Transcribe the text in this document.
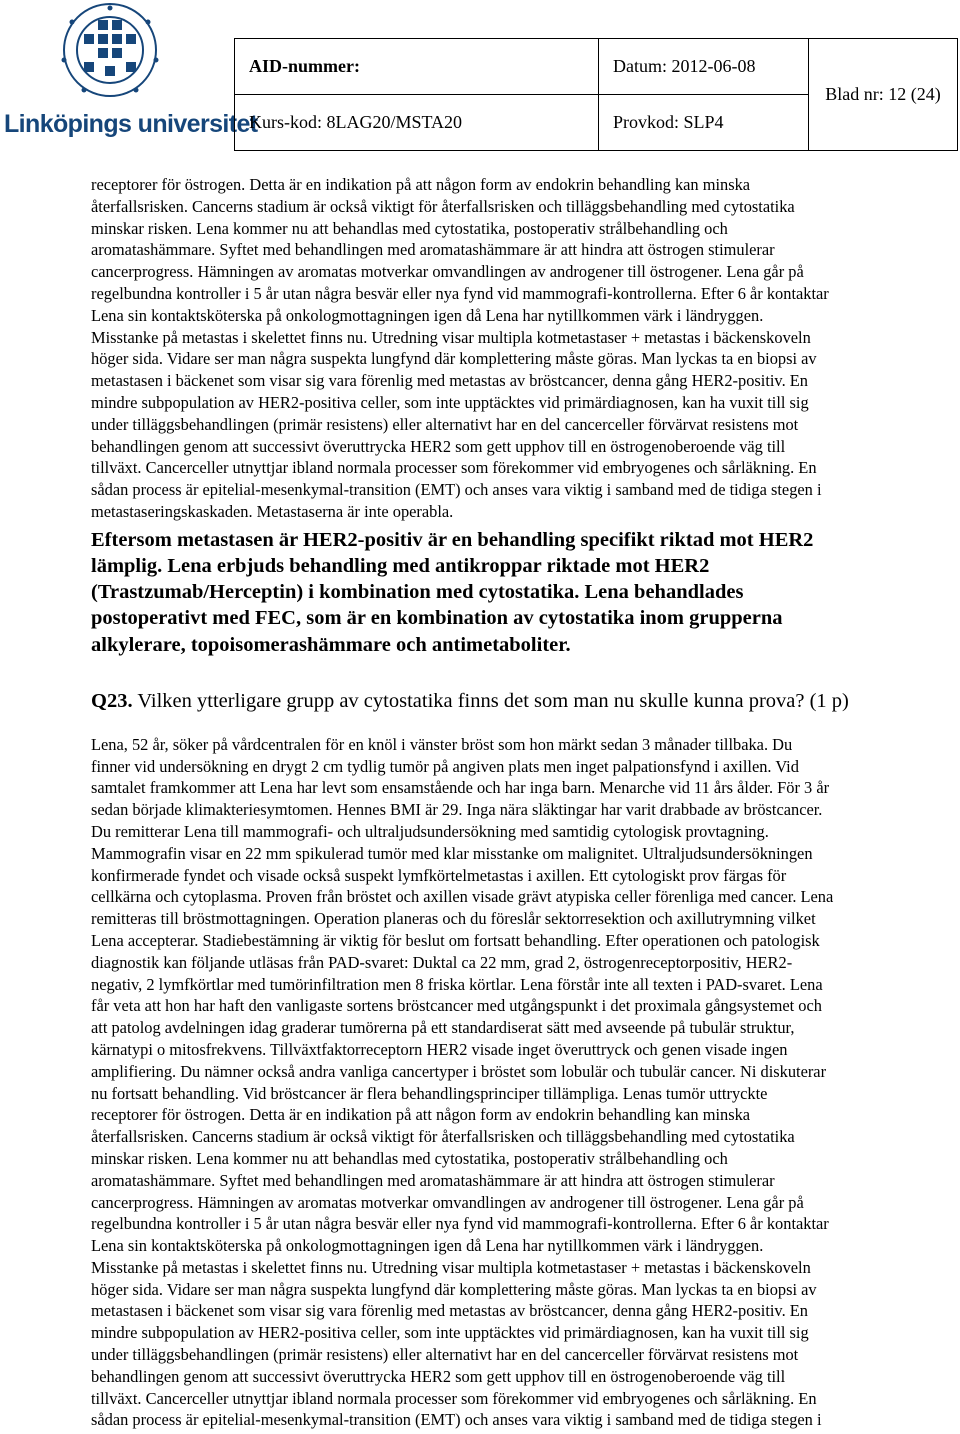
Linköpings universitet
AID-nummer:	Datum: 2012-06-08	Blad nr: 12 (24)
Kurs-kod: 8LAG20/MSTA20	Provkod: SLP4	

receptorer för östrogen. Detta är en indikation på att någon form av endokrin behandling kan minska
återfallsrisken. Cancerns stadium är också viktigt för återfallsrisken och tilläggsbehandling med cytostatika
minskar risken. Lena kommer nu att behandlas med cytostatika, postoperativ strålbehandling och
aromatashämmare. Syftet med behandlingen med aromatashämmare är att hindra att östrogen stimulerar
cancerprogress. Hämningen av aromatas motverkar omvandlingen av androgener till östrogener. Lena går på
regelbundna kontroller i 5 år utan några besvär eller nya fynd vid mammografi-kontrollerna. Efter 6 år kontaktar
Lena sin kontaktsköterska på onkologmottagningen igen då Lena har nytillkommen värk i ländryggen.
Misstanke på metastas i skelettet finns nu. Utredning visar multipla kotmetastaser + metastas i bäckenskoveln
höger sida. Vidare ser man några suspekta lungfynd där komplettering måste göras. Man lyckas ta en biopsi av
metastasen i bäckenet som visar sig vara förenlig med metastas av bröstcancer, denna gång HER2-positiv. En
mindre subpopulation av HER2-positiva celler, som inte upptäcktes vid primärdiagnosen, kan ha vuxit till sig
under tilläggsbehandlingen (primär resistens) eller alternativt har en del cancerceller förvärvat resistens mot
behandlingen genom att successivt överuttrycka HER2 som gett upphov till en östrogenoberoende väg till
tillväxt. Cancerceller utnyttjar ibland normala processer som förekommer vid embryogenes och sårläkning. En
sådan process är epitelial-mesenkymal-transition (EMT) och anses vara viktig i samband med de tidiga stegen i
metastaseringskaskaden. Metastaserna är inte operabla.

Eftersom metastasen är HER2-positiv är en behandling specifikt riktad mot HER2
lämplig. Lena erbjuds behandling med antikroppar riktade mot HER2
(Trastzumab/Herceptin) i kombination med cytostatika. Lena behandlades
postoperativt med FEC, som är en kombination av cytostatika inom grupperna
alkylerare, topoisomerashämmare och antimetaboliter.

Q23. Vilken ytterligare grupp av cytostatika finns det som man nu skulle kunna prova? (1 p)

Lena, 52 år, söker på vårdcentralen för en knöl i vänster bröst som hon märkt sedan 3 månader tillbaka. Du
finner vid undersökning en drygt 2 cm tydlig tumör på angiven plats men inget palpationsfynd i axillen. Vid
samtalet framkommer att Lena har levt som ensamstående och har inga barn. Menarche vid 11 års ålder. För 3 år
sedan började klimakteriesymtomen. Hennes BMI är 29. Inga nära släktingar har varit drabbade av bröstcancer.
Du remitterar Lena till mammografi- och ultraljudsundersökning med samtidig cytologisk provtagning.
Mammografin visar en 22 mm spikulerad tumör med klar misstanke om malignitet. Ultraljudsundersökningen
konfirmerade fyndet och visade också suspekt lymfkörtelmetastas i axillen. Ett cytologiskt prov färgas för
cellkärna och cytoplasma. Proven från bröstet och axillen visade grävt atypiska celler förenliga med cancer. Lena
remitteras till bröstmottagningen. Operation planeras och du föreslår sektorresektion och axillutrymning vilket
Lena accepterar. Stadiebestämning är viktig för beslut om fortsatt behandling. Efter operationen och patologisk
diagnostik kan följande utläsas från PAD-svaret: Duktal ca 22 mm, grad 2, östrogenreceptorpositiv, HER2-
negativ, 2 lymfkörtlar med tumörinfiltration men 8 friska körtlar. Lena förstår inte all texten i PAD-svaret. Lena
får veta att hon har haft den vanligaste sortens bröstcancer med utgångspunkt i det proximala gångsystemet och
att patolog avdelningen idag graderar tumörerna på ett standardiserat sätt med avseende på tubulär struktur,
kärnatypi o mitosfrekvens. Tillväxtfaktorreceptorn HER2 visade inget överuttryck och genen visade ingen
amplifiering. Du nämner också andra vanliga cancertyper i bröstet som lobulär och tubulär cancer. Ni diskuterar
nu fortsatt behandling. Vid bröstcancer är flera behandlingsprinciper tillämpliga. Lenas tumör uttryckte
receptorer för östrogen. Detta är en indikation på att någon form av endokrin behandling kan minska
återfallsrisken. Cancerns stadium är också viktigt för återfallsrisken och tilläggsbehandling med cytostatika
minskar risken. Lena kommer nu att behandlas med cytostatika, postoperativ strålbehandling och
aromatashämmare. Syftet med behandlingen med aromatashämmare är att hindra att östrogen stimulerar
cancerprogress. Hämningen av aromatas motverkar omvandlingen av androgener till östrogener. Lena går på
regelbundna kontroller i 5 år utan några besvär eller nya fynd vid mammografi-kontrollerna. Efter 6 år kontaktar
Lena sin kontaktsköterska på onkologmottagningen igen då Lena har nytillkommen värk i ländryggen.
Misstanke på metastas i skelettet finns nu. Utredning visar multipla kotmetastaser + metastas i bäckenskoveln
höger sida. Vidare ser man några suspekta lungfynd där komplettering måste göras. Man lyckas ta en biopsi av
metastasen i bäckenet som visar sig vara förenlig med metastas av bröstcancer, denna gång HER2-positiv. En
mindre subpopulation av HER2-positiva celler, som inte upptäcktes vid primärdiagnosen, kan ha vuxit till sig
under tilläggsbehandlingen (primär resistens) eller alternativt har en del cancerceller förvärvat resistens mot
behandlingen genom att successivt överuttrycka HER2 som gett upphov till en östrogenoberoende väg till
tillväxt. Cancerceller utnyttjar ibland normala processer som förekommer vid embryogenes och sårläkning. En
sådan process är epitelial-mesenkymal-transition (EMT) och anses vara viktig i samband med de tidiga stegen i
